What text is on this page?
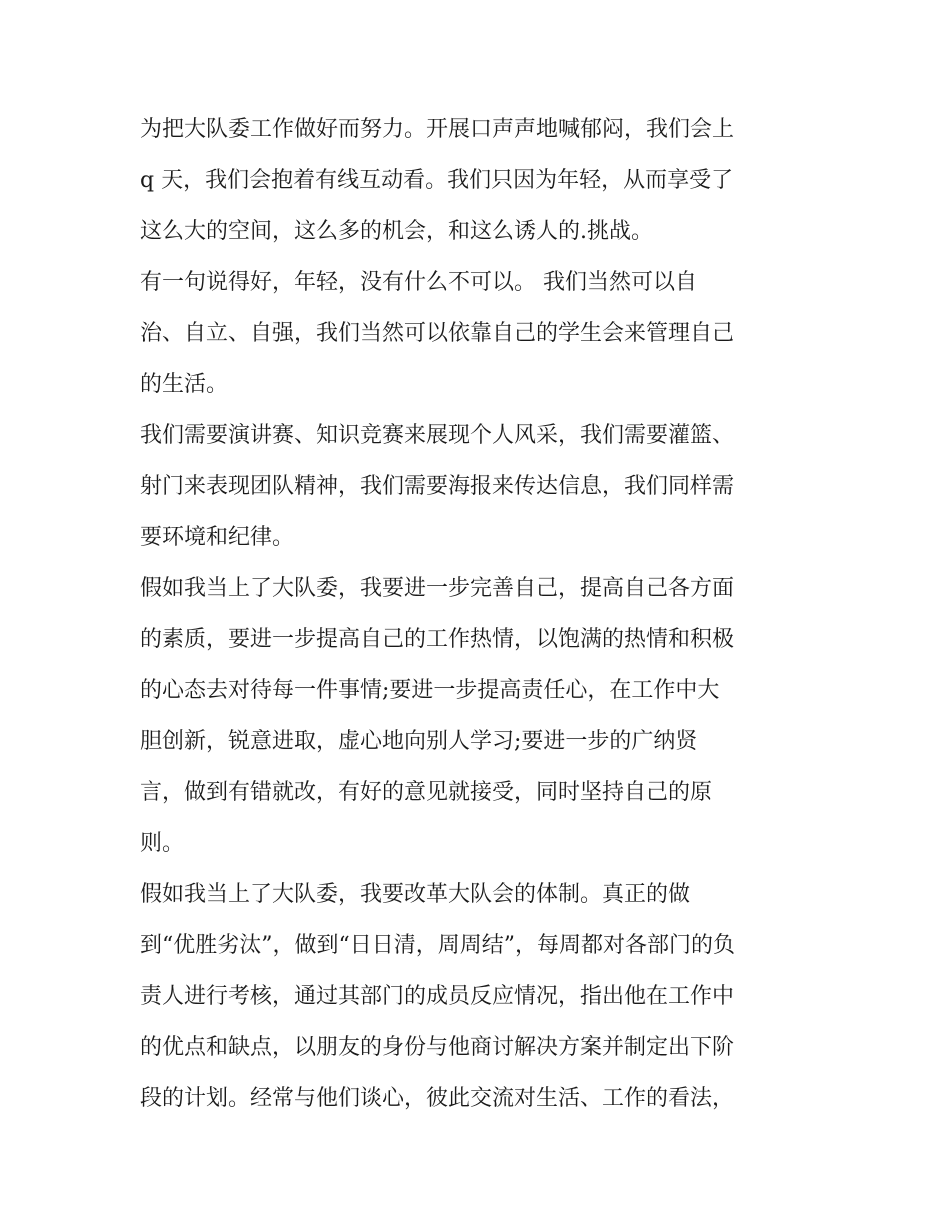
为把大队委工作做好而努力。开展口声声地喊郁闷，我们会上
q 天，我们会抱着有线互动看。我们只因为年轻，从而享受了
这么大的空间，这么多的机会，和这么诱人的.挑战。
有一句说得好，年轻，没有什么不可以。 我们当然可以自
治、自立、自强，我们当然可以依靠自己的学生会来管理自己
的生活。
我们需要演讲赛、知识竞赛来展现个人风采，我们需要灌篮、
射门来表现团队精神，我们需要海报来传达信息，我们同样需
要环境和纪律。
假如我当上了大队委，我要进一步完善自己，提高自己各方面
的素质，要进一步提高自己的工作热情，以饱满的热情和积极
的心态去对待每一件事情;要进一步提高责任心，在工作中大
胆创新，锐意进取，虚心地向别人学习;要进一步的广纳贤
言，做到有错就改，有好的意见就接受，同时坚持自己的原
则。
假如我当上了大队委，我要改革大队会的体制。真正的做
到“优胜劣汰”，做到“日日清，周周结”，每周都对各部门的负
责人进行考核，通过其部门的成员反应情况，指出他在工作中
的优点和缺点，以朋友的身份与他商讨解决方案并制定出下阶
段的计划。经常与他们谈心，彼此交流对生活、工作的看法，
